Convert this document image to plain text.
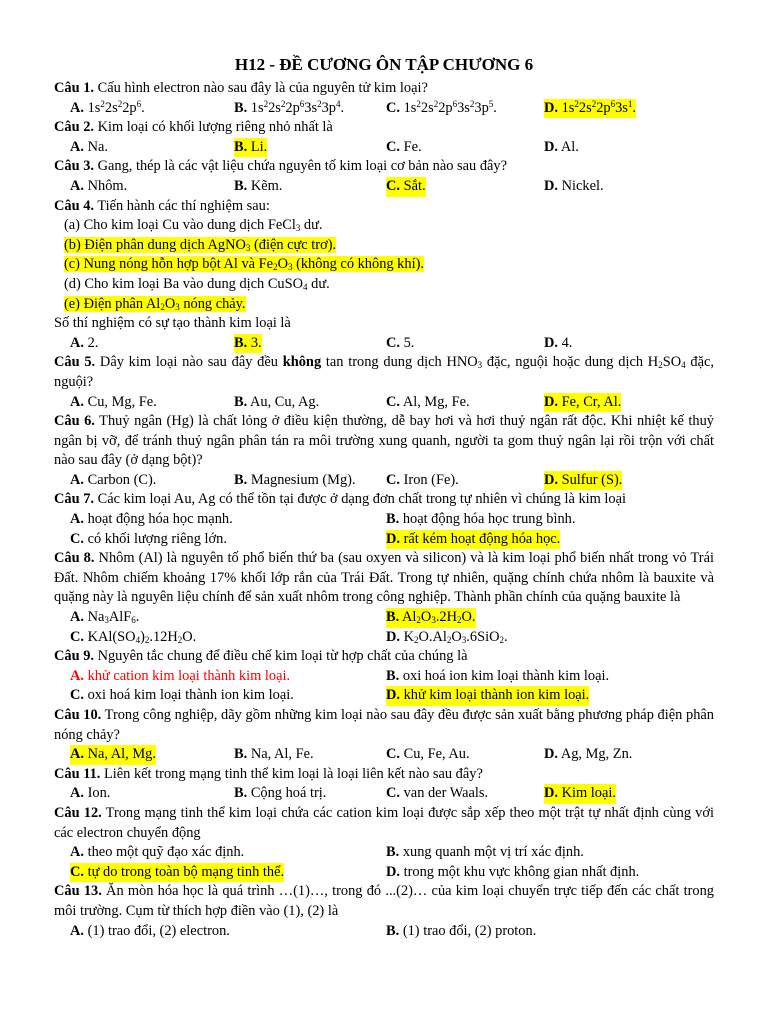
H12 - ĐỀ CƯƠNG ÔN TẬP CHƯƠNG 6
Câu 1. Cấu hình electron nào sau đây là của nguyên tử kim loại?
A. $1s^22s^22p^6$.	B. $1s^22s^22p^63s^23p^4$.	C. $1s^22s^22p^63s^23p^5$.	D. $1s^22s^22p^63s^1$.
Câu 2. Kim loại có khối lượng riêng nhỏ nhất là
A. Na.	B. Li.	C. Fe.	D. Al.
Câu 3. Gang, thép là các vật liệu chứa nguyên tố kim loại cơ bản nào sau đây?
A. Nhôm.	B. Kẽm.	C. Sắt.	D. Nickel.
Câu 4. Tiến hành các thí nghiệm sau:
(a) Cho kim loại Cu vào dung dịch FeCl$_3$ dư.
(b) Điện phân dung dịch AgNO$_3$ (điện cực trơ).
(c) Nung nóng hỗn hợp bột Al và $Fe_2O_3$ (không có không khí).
(d) Cho kim loại Ba vào dung dịch CuSO$_4$ dư.
(e) Điện phân $Al_2O_3$ nóng chảy.
Số thí nghiệm có sự tạo thành kim loại là
A. 2.	B. 3.	C. 5.	D. 4.
Câu 5. Dây kim loại nào sau đây đều không tan trong dung dịch $HNO_3$ đặc, nguội hoặc dung dịch $H_2SO_4$ đặc, nguội?
A. Cu, Mg, Fe.	B. Au, Cu, Ag.	C. Al, Mg, Fe.	D. Fe, Cr, Al.
Câu 6. Thuỷ ngân (Hg) là chất lỏng ở điều kiện thường, dễ bay hơi và hơi thuỷ ngân rất độc. Khi nhiệt kế thuỷ ngân bị vỡ, để tránh thuỷ ngân phân tán ra môi trường xung quanh, người ta gom thuỷ ngân lại rồi trộn với chất nào sau đây (ở dạng bột)?
A. Carbon (C).	B. Magnesium (Mg). C. Iron (Fe).	D. Sulfur (S).
Câu 7. Các kim loại Au, Ag có thể tồn tại được ở dạng đơn chất trong tự nhiên vì chúng là kim loại
A. hoạt động hóa học mạnh.	B. hoạt động hóa học trung bình.
C. có khối lượng riêng lớn.	D. rất kém hoạt động hóa học.
Câu 8. Nhôm (Al) là nguyên tố phổ biến thứ ba (sau oxyen và silicon) và là kim loại phổ biến nhất trong vỏ Trái Đất. Nhôm chiếm khoảng 17% khối lớp rắn của Trái Đất. Trong tự nhiên, quặng chính chứa nhôm là bauxite và quặng này là nguyên liệu chính để sản xuất nhôm trong công nghiệp. Thành phần chính của quặng bauxite là
A. $Na_3AlF_6$.	B. $Al_2O_3.2H_2O$.
C. $KAl(SO_4)_2.12H_2O$.	D. $K_2O.Al_2O_3.6SiO_2$.
Câu 9. Nguyên tắc chung để điều chế kim loại từ hợp chất của chúng là
A. khử cation kim loại thành kim loại.	B. oxi hoá ion kim loại thành kim loại.
C. oxi hoá kim loại thành ion kim loại.	D. khử kim loại thành ion kim loại.
Câu 10. Trong công nghiệp, dãy gồm những kim loại nào sau đây đều được sản xuất bằng phương pháp điện phân nóng chảy?
A. Na, Al, Mg.	B. Na, Al, Fe.	C. Cu, Fe, Au.	D. Ag, Mg, Zn.
Câu 11. Liên kết trong mạng tinh thể kim loại là loại liên kết nào sau đây?
A. Ion.	B. Cộng hoá trị.	C. van der Waals.	D. Kim loại.
Câu 12. Trong mạng tinh thể kim loại chứa các cation kim loại được sắp xếp theo một trật tự nhất định cùng với các electron chuyển động
A. theo một quỹ đạo xác định.	B. xung quanh một vị trí xác định.
C. tự do trong toàn bộ mạng tinh thể.	D. trong một khu vực không gian nhất định.
Câu 13. Ăn mòn hóa học là quá trình …(1)…, trong đó ...(2)… của kim loại chuyển trực tiếp đến các chất trong môi trường. Cụm từ thích hợp điền vào (1), (2) là
A. (1) trao đổi, (2) electron.	B. (1) trao đổi, (2) proton.
